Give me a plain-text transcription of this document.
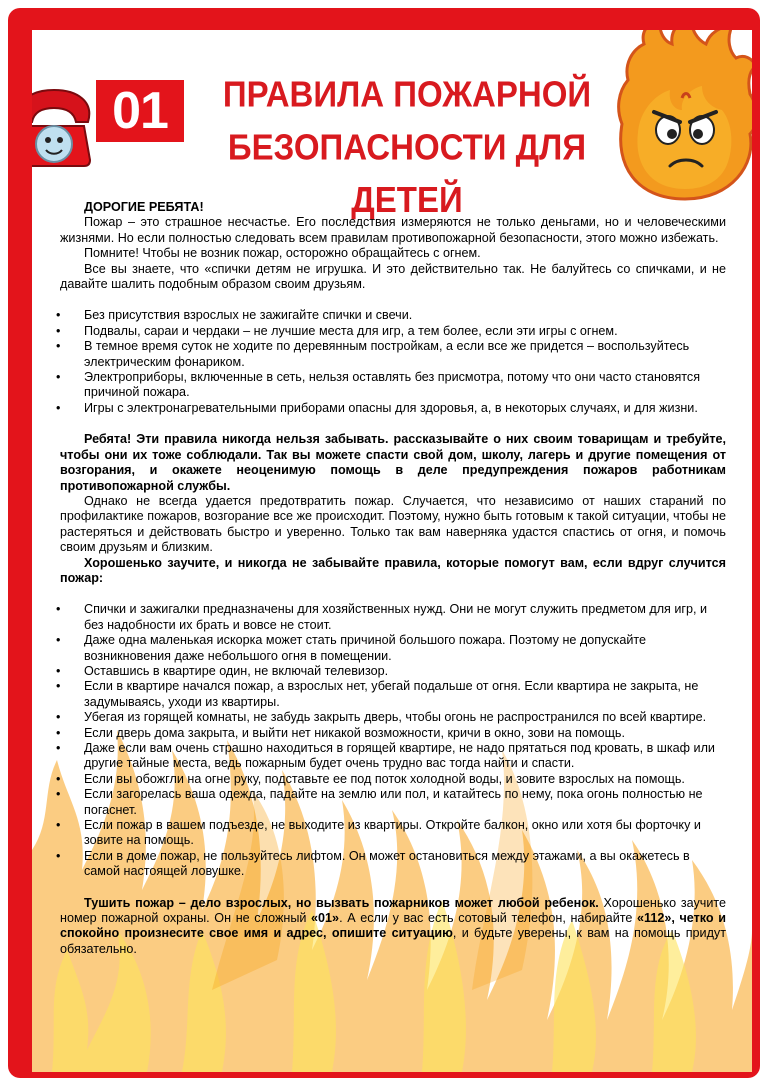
01	ПРАВИЛА ПОЖАРНОЙ
БЕЗОПАСНОСТИ ДЛЯ ДЕТЕЙ

ДОРОГИЕ РЕБЯТА!

Пожар – это страшное несчастье. Его последствия измеряются не только деньгами, но и человеческими жизнями. Но если полностью следовать всем правилам противопожарной безопасности, этого можно избежать.

Помните! Чтобы не возник пожар, осторожно обращайтесь с огнем.

Все вы знаете, что «спички детям не игрушка. И это действительно так. Не балуйтесь со спичками, и не давайте шалить подобным образом своим друзьям.

• Без присутствия взрослых не зажигайте спички и свечи.
• Подвалы, сараи и чердаки – не лучшие места для игр, а тем более, если эти игры с огнем.
• В темное время суток не ходите по деревянным постройкам, а если все же придется – воспользуйтесь электрическим фонариком.
• Электроприборы, включенные в сеть, нельзя оставлять без присмотра, потому что они часто становятся причиной пожара.
• Игры с электронагревательными приборами опасны для здоровья, а, в некоторых случаях, и для жизни.

Ребята! Эти правила никогда нельзя забывать. рассказывайте о них своим товарищам и требуйте, чтобы они их тоже соблюдали. Так вы можете спасти свой дом, школу, лагерь и другие помещения от возгорания, и окажете неоценимую помощь в деле предупреждения пожаров работникам противопожарной службы.

Однако не всегда удается предотвратить пожар. Случается, что независимо от наших стараний по профилактике пожаров, возгорание все же происходит. Поэтому, нужно быть готовым к такой ситуации, чтобы не растеряться и действовать быстро и уверенно. Только так вам наверняка удастся спастись от огня, и помочь своим друзьям и близким.

Хорошенько заучите, и никогда не забывайте правила, которые помогут вам, если вдруг случится пожар:

• Спички и зажигалки предназначены для хозяйственных нужд. Они не могут служить предметом для игр, и без надобности их брать и вовсе не стоит.
• Даже одна маленькая искорка может стать причиной большого пожара. Поэтому не допускайте возникновения даже небольшого огня в помещении.
• Оставшись в квартире один, не включай телевизор.
• Если в квартире начался пожар, а взрослых нет, убегай подальше от огня. Если квартира не закрыта, не задумываясь, уходи из квартиры.
• Убегая из горящей комнаты, не забудь закрыть дверь, чтобы огонь не распространился по всей квартире.
• Если дверь дома закрыта, и выйти нет никакой возможности, кричи в окно, зови на помощь.
• Даже если вам очень страшно находиться в горящей квартире, не надо прятаться под кровать, в шкаф или другие тайные места, ведь пожарным будет очень трудно вас тогда найти и спасти.
• Если вы обожгли на огне руку, подставьте ее под поток холодной воды, и зовите взрослых на помощь.
• Если загорелась ваша одежда, падайте на землю или пол, и катайтесь по нему, пока огонь полностью не погаснет.
• Если пожар в вашем подъезде, не выходите из квартиры. Откройте балкон, окно или хотя бы форточку и зовите на помощь.
• Если в доме пожар, не пользуйтесь лифтом. Он может остановиться между этажами, а вы окажетесь в самой настоящей ловушке.

Тушить пожар – дело взрослых, но вызвать пожарников может любой ребенок. Хорошенько заучите номер пожарной охраны. Он не сложный «01». А если у вас есть сотовый телефон, набирайте «112», четко и спокойно произнесите свое имя и адрес, опишите ситуацию, и будьте уверены, к вам на помощь придут обязательно.
